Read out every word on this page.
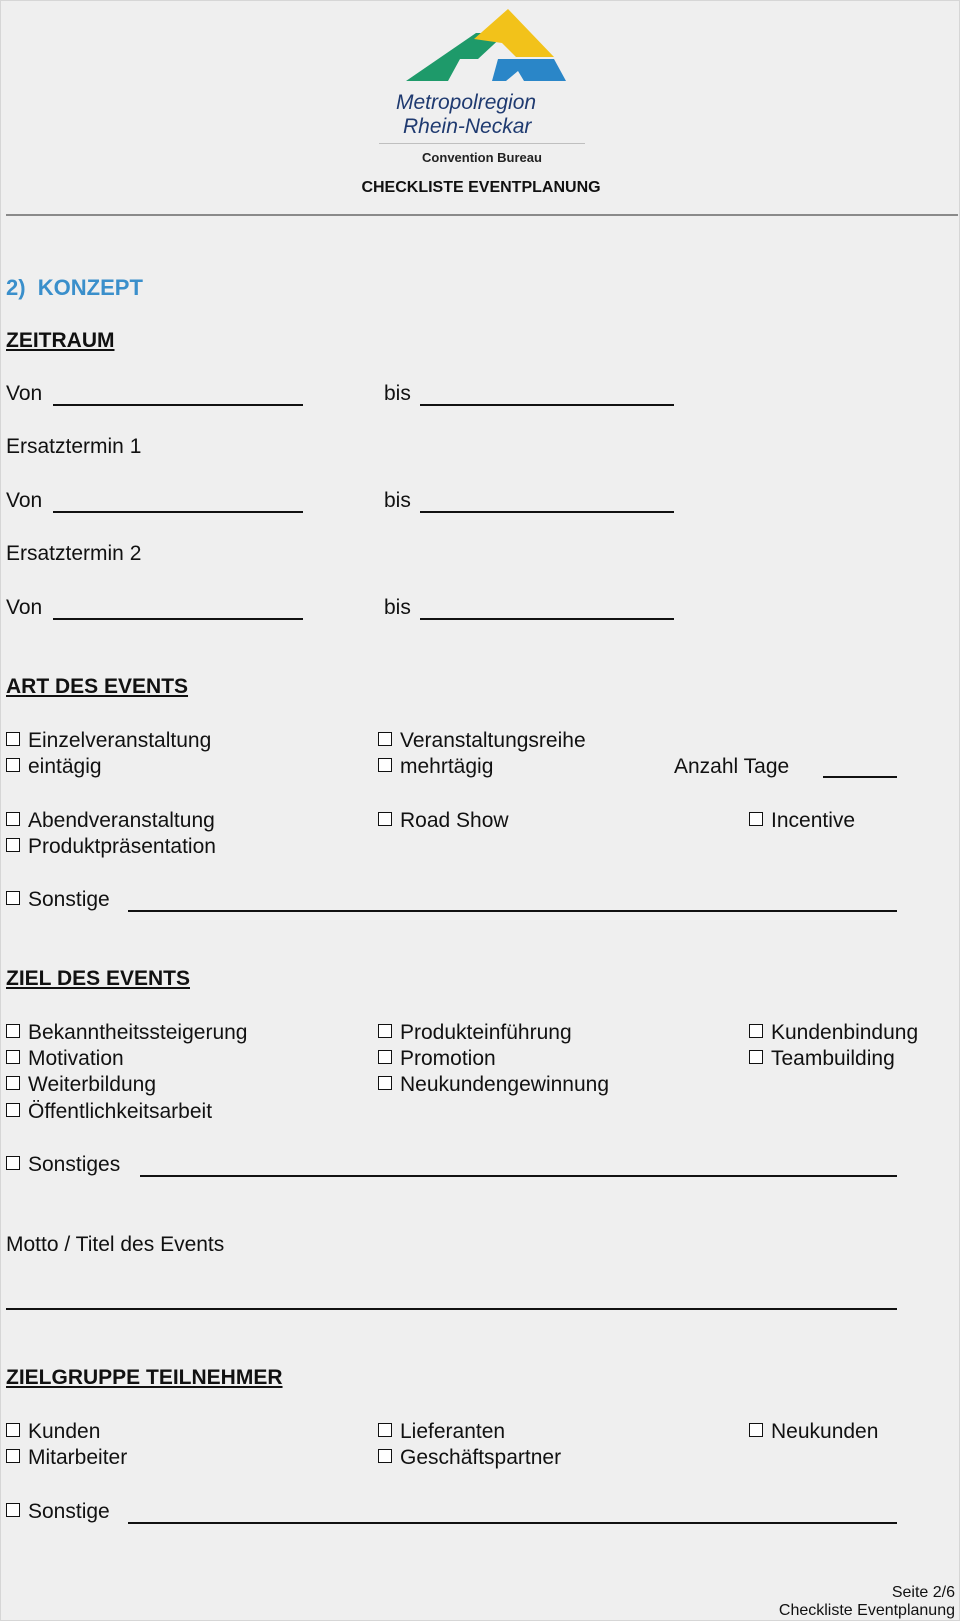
Metropolregion
Rhein-Neckar
Convention Bureau
CHECKLISTE EVENTPLANUNG
2)  KONZEPT
ZEITRAUM
Von	bis
Ersatztermin 1
Von	bis
Ersatztermin 2
Von	bis
ART DES EVENTS
Einzelveranstaltung	Veranstaltungsreihe
eintägig	mehrtägig	Anzahl Tage
Abendveranstaltung	Road Show	Incentive
Produktpräsentation
Sonstige
ZIEL DES EVENTS
Bekanntheitssteigerung	Produkteinführung	Kundenbindung
Motivation	Promotion	Teambuilding
Weiterbildung	Neukundengewinnung
Öffentlichkeitsarbeit
Sonstiges
Motto / Titel des Events
ZIELGRUPPE TEILNEHMER
Kunden	Lieferanten	Neukunden
Mitarbeiter	Geschäftspartner
Sonstige
Seite 2/6
Checkliste Eventplanung
